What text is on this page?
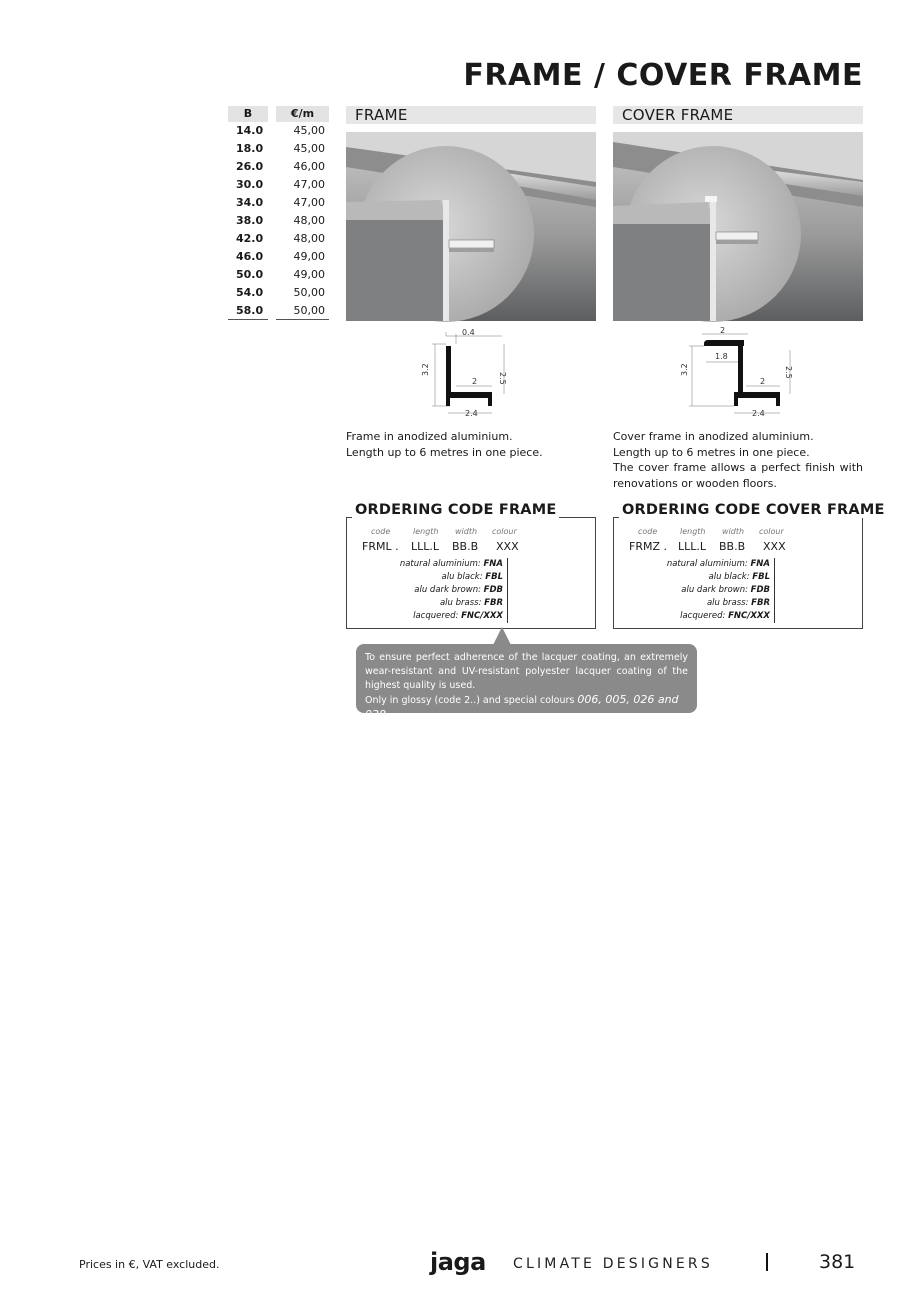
FRAME / COVER FRAME
B	€/m
14.0	45,00
18.0	45,00
26.0	46,00
30.0	47,00
34.0	47,00
38.0	48,00
42.0	48,00
46.0	49,00
50.0	49,00
54.0	50,00
58.0	50,00
FRAME
0.4
3.2
2.5
2
2.4
Frame in anodized aluminium.
Length up to 6 metres in one piece.
COVER FRAME
2
1.8
3.2	2.5
2
2.4
Cover frame in anodized aluminium.
Length up to 6 metres in one piece.
The cover frame allows a perfect finish with renovations or wooden floors.
ORDERING CODE FRAME
code	length width colour
FRML . LLL.L BB.B XXX
natural aluminium: FNA
alu black: FBL
alu dark brown: FDB
alu brass: FBR
lacquered: FNC/XXX
ORDERING CODE COVER FRAME
code	length width colour
FRMZ . LLL.L BB.B XXX
natural aluminium: FNA
alu black: FBL
alu dark brown: FDB
alu brass: FBR
lacquered: FNC/XXX
To ensure perfect adherence of the lacquer coating, an extremely
wear-resistant and UV-resistant polyester lacquer coating of the
highest quality is used.
Only in glossy (code 2..) and special colours 006, 005, 026 and 028.
Prices in €, VAT excluded.	jaga CLIMATE DESIGNERS	381
